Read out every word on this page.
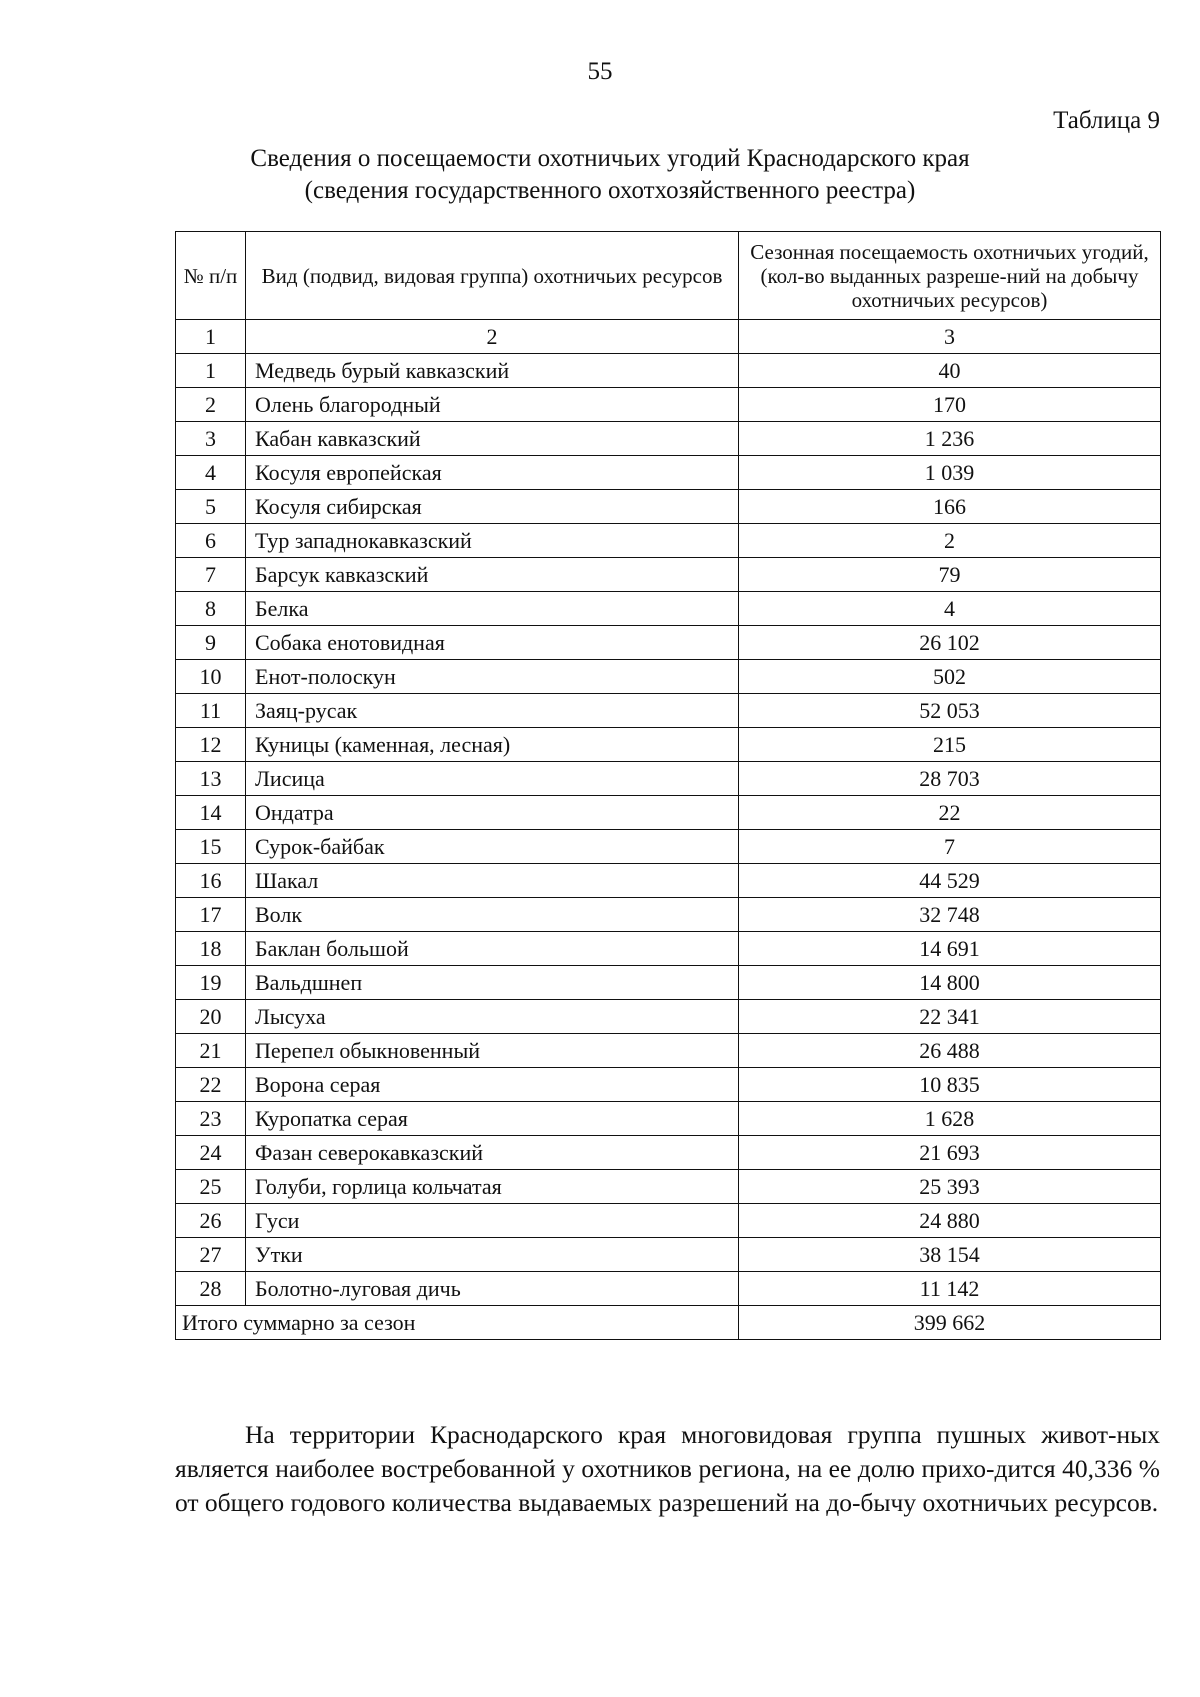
55
Таблица 9
Сведения о посещаемости охотничьих угодий Краснодарского края
(сведения государственного охотхозяйственного реестра)
№ п/п	Вид (подвид, видовая группа) охотничьих ресурсов	Сезонная посещаемость охотничьих угодий, (кол-во выданных разреше-ний на добычу охотничьих ресурсов)
1	2	3
1	Медведь бурый кавказский	40
2	Олень благородный	170
3	Кабан кавказский	1 236
4	Косуля европейская	1 039
5	Косуля сибирская	166
6	Тур западнокавказский	2
7	Барсук кавказский	79
8	Белка	4
9	Собака енотовидная	26 102
10	Енот-полоскун	502
11	Заяц-русак	52 053
12	Куницы (каменная, лесная)	215
13	Лисица	28 703
14	Ондатра	22
15	Сурок-байбак	7
16	Шакал	44 529
17	Волк	32 748
18	Баклан большой	14 691
19	Вальдшнеп	14 800
20	Лысуха	22 341
21	Перепел обыкновенный	26 488
22	Ворона серая	10 835
23	Куропатка серая	1 628
24	Фазан северокавказский	21 693
25	Голуби, горлица кольчатая	25 393
26	Гуси	24 880
27	Утки	38 154
28	Болотно-луговая дичь	11 142
Итого суммарно за сезон		399 662
На территории Краснодарского края многовидовая группа пушных живот-ных является наиболее востребованной у охотников региона, на ее долю прихо-дится 40,336 % от общего годового количества выдаваемых разрешений на до-бычу охотничьих ресурсов.
